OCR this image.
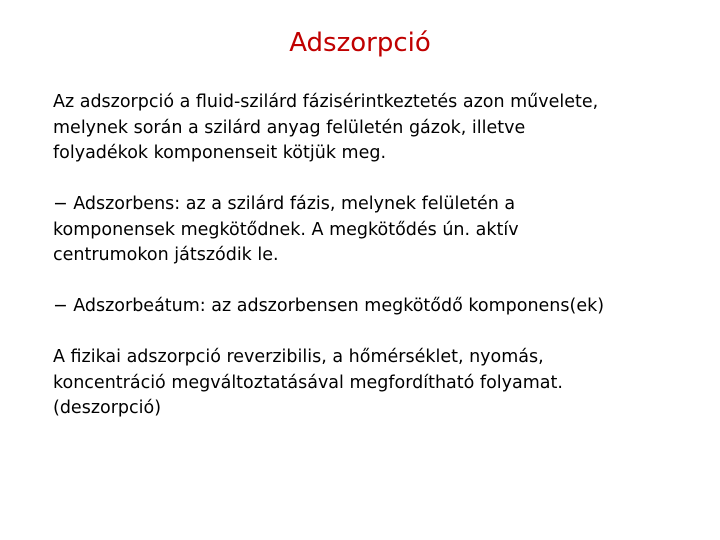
Adszorpció

Az adszorpció a fluid-szilárd fázisérintkeztetés azon művelete,
melynek során a szilárd anyag felületén gázok, illetve
folyadékok komponenseit kötjük meg.

− Adszorbens: az a szilárd fázis, melynek felületén a
komponensek megkötődnek. A megkötődés ún. aktív
centrumokon játszódik le.

− Adszorbeátum: az adszorbensen megkötődő komponens(ek)

A fizikai adszorpció reverzibilis, a hőmérséklet, nyomás,
koncentráció megváltoztatásával megfordítható folyamat.
(deszorpció)
